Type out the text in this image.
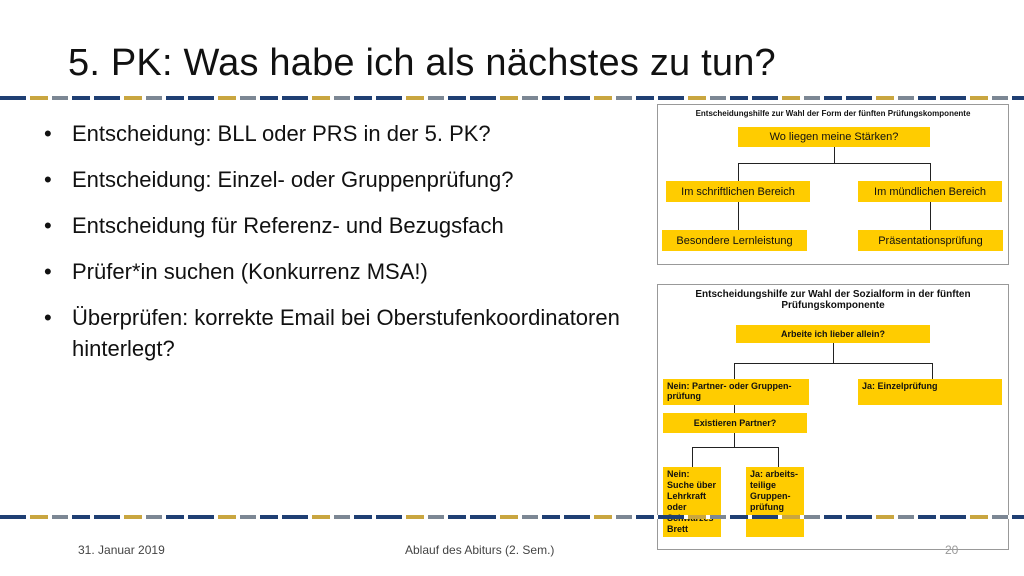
5. PK: Was habe ich als nächstes zu tun?
• Entscheidung: BLL oder PRS in der 5. PK?
• Entscheidung: Einzel- oder Gruppenprüfung?
• Entscheidung für Referenz- und Bezugsfach
• Prüfer*in suchen (Konkurrenz MSA!)
• Überprüfen: korrekte Email bei Oberstufenkoordinatoren hinterlegt?
Entscheidungshilfe zur Wahl der Form der fünften Prüfungskomponente
Wo liegen meine Stärken?
Im schriftlichen Bereich	Im mündlichen Bereich
Besondere Lernleistung	Präsentationsprüfung
Entscheidungshilfe zur Wahl der Sozialform in der fünften Prüfungskomponente
Arbeite ich lieber allein?
Nein: Partner- oder Gruppen-prüfung
Ja: Einzelprüfung
Existieren Partner?
Nein: Suche über Lehrkraft oder Brett
Ja: arbeits-teilige Gruppen-prüfung
31. Januar 2019	Ablauf des Abiturs (2. Sem.)	20
